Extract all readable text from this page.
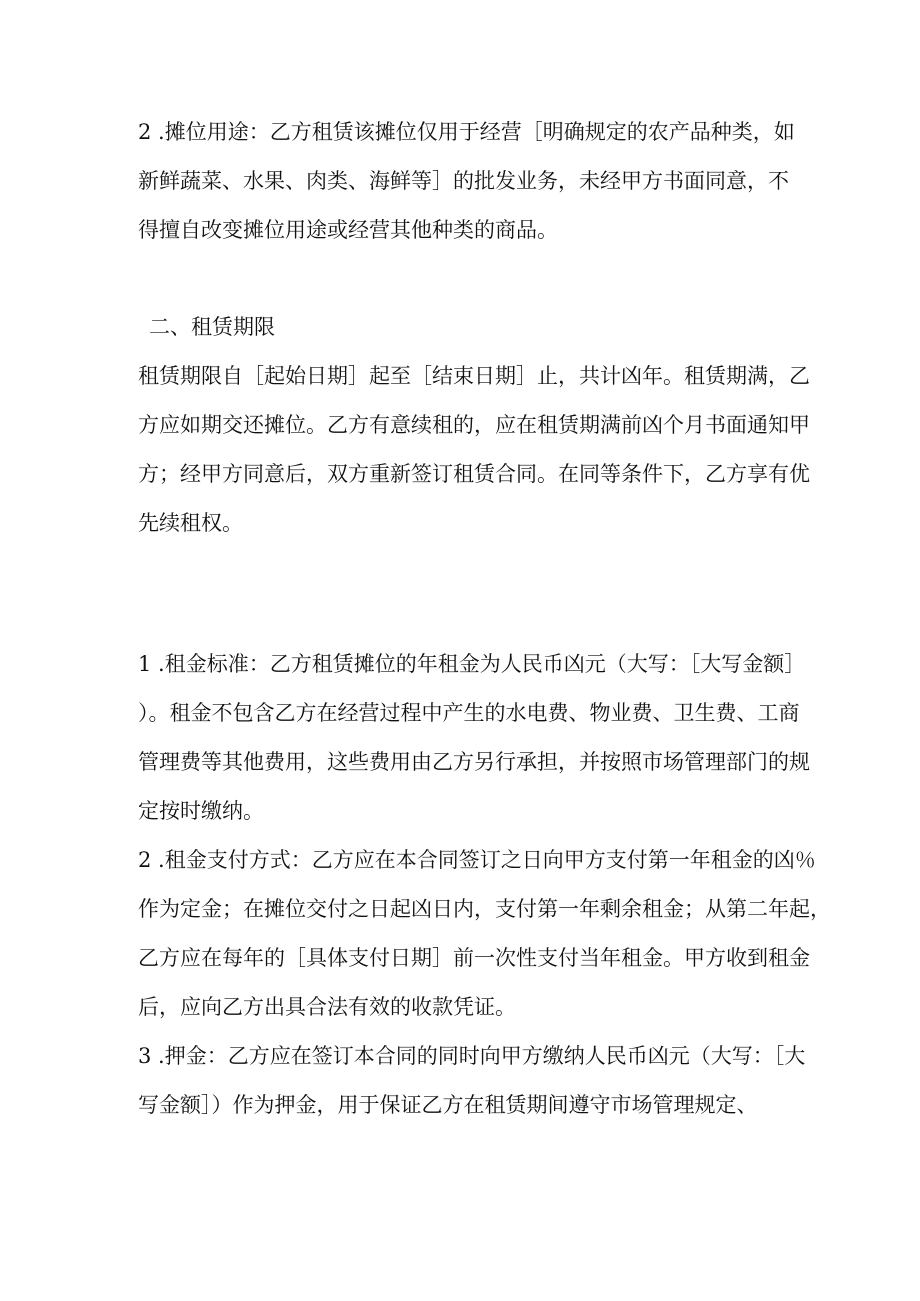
2 .摊位用途：乙方租赁该摊位仅用于经营［明确规定的农产品种类，如
新鲜蔬菜、水果、肉类、海鲜等］的批发业务，未经甲方书面同意，不
得擅自改变摊位用途或经营其他种类的商品。
二、租赁期限
租赁期限自［起始日期］起至［结束日期］止，共计凶年。租赁期满，乙
方应如期交还摊位。乙方有意续租的，应在租赁期满前凶个月书面通知甲
方；经甲方同意后，双方重新签订租赁合同。在同等条件下，乙方享有优
先续租权。
1 .租金标准：乙方租赁摊位的年租金为人民币凶元（大写：［大写金额］
）。租金不包含乙方在经营过程中产生的水电费、物业费、卫生费、工商
管理费等其他费用，这些费用由乙方另行承担，并按照市场管理部门的规
定按时缴纳。
2 .租金支付方式：乙方应在本合同签订之日向甲方支付第一年租金的凶％
作为定金；在摊位交付之日起凶日内，支付第一年剩余租金；从第二年起，
乙方应在每年的［具体支付日期］前一次性支付当年租金。甲方收到租金
后，应向乙方出具合法有效的收款凭证。
3 .押金：乙方应在签订本合同的同时向甲方缴纳人民币凶元（大写：［大
写金额］）作为押金，用于保证乙方在租赁期间遵守市场管理规定、
